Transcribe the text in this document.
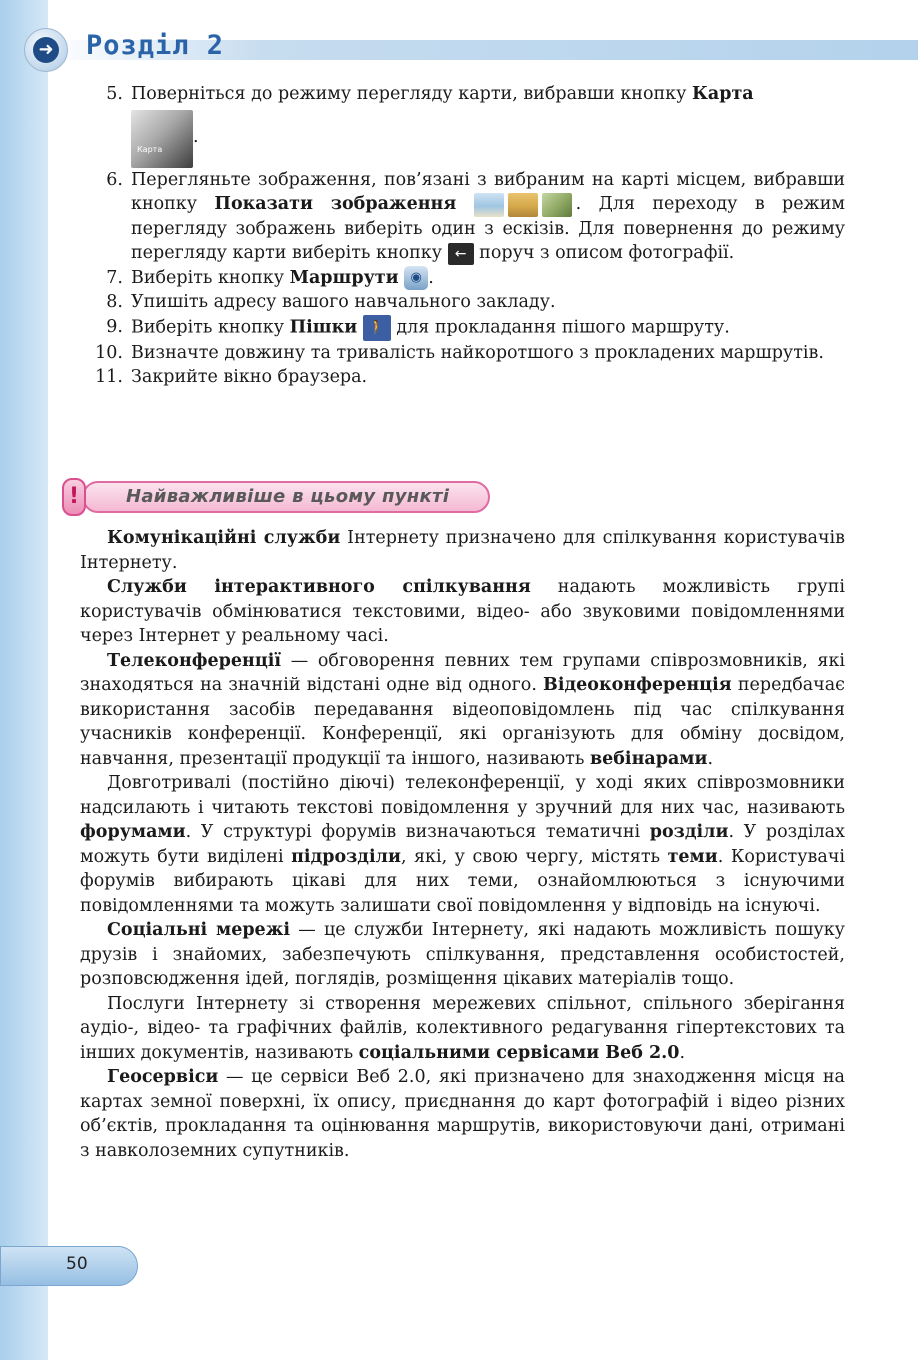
➜ Розділ 2

5. Поверніться до режиму перегляду карти, вибравши кнопку Карта

Карта
.

6. Перегляньте зображення, пов’язані з вибраним на карті місцем, вибравши кнопку Показати зображення	. Для переходу в режим перегляду зображень виберіть один з ескізів. Для повернення до режиму перегляду карти виберіть кнопку ← поруч з описом фотографії.

7. Виберіть кнопку Маршрути ◉ .

8. Упишіть адресу вашого навчального закладу.

9. Виберіть кнопку Пішки 🚶 для прокладання пішого маршруту.

10. Визначте довжину та тривалість найкоротшого з прокладених маршрутів.

11. Закрийте вікно браузера.

!	Найважливіше в цьому пункті

Комунікаційні служби Інтернету призначено для спілкування користувачів Інтернету.

Служби інтерактивного спілкування надають можливість групі користувачів обмінюватися текстовими, відео- або звуковими повідомленнями через Інтернет у реальному часі.

Телеконференції — обговорення певних тем групами співрозмовників, які знаходяться на значній відстані одне від одного. Відеоконференція передбачає використання засобів передавання відеоповідомлень під час спілкування учасників конференції. Конференції, які організують для обміну досвідом, навчання, презентації продукції та іншого, називають вебінарами.

Довготривалі (постійно діючі) телеконференції, у ході яких співрозмовники надсилають і читають текстові повідомлення у зручний для них час, називають форумами. У структурі форумів визначаються тематичні розділи. У розділах можуть бути виділені підрозділи, які, у свою чергу, містять теми. Користувачі форумів вибирають цікаві для них теми, ознайомлюються з існуючими повідомленнями та можуть залишати свої повідомлення у відповідь на існуючі.

Соціальні мережі — це служби Інтернету, які надають можливість пошуку друзів і знайомих, забезпечують спілкування, представлення особистостей, розповсюдження ідей, поглядів, розміщення цікавих матеріалів тощо.

Послуги Інтернету зі створення мережевих спільнот, спільного зберігання аудіо-, відео- та графічних файлів, колективного редагування гіпертекстових та інших документів, називають соціальними сервісами Веб 2.0.

Геосервіси — це сервіси Веб 2.0, які призначено для знаходження місця на картах земної поверхні, їх опису, приєднання до карт фотографій і відео різних об’єктів, прокладання та оцінювання маршрутів, використовуючи дані, отримані з навколоземних супутників.

50
